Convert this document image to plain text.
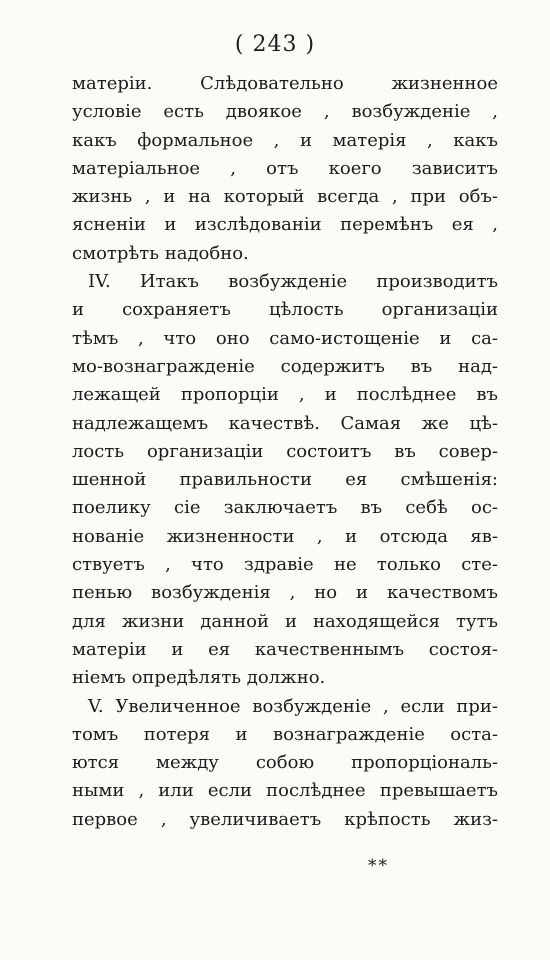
( 243 )
матерiи. Слѣдовательно жизненное
условiе есть двоякое , возбужденiе ,
какъ формальное , и матерiя , какъ
матерiальное , отъ коего зависитъ
жизнь , и на который всегда , при объ-
ясненiи и изслѣдованiи перемѣнъ ея ,
смотрѣть надобно.
IV. Итакъ возбужденiе производитъ
и сохраняетъ цѣлость организацiи
тѣмъ , что оно само-истощенiе и са-
мо-вознагражденiе содержитъ въ над-
лежащей пропорцiи , и послѣднее въ
надлежащемъ качествѣ. Самая же цѣ-
лость организацiи состоитъ въ совер-
шенной правильности ея смѣшенiя:
поелику сiе заключаетъ въ себѣ ос-
нованiе жизненности , и отсюда яв-
ствуетъ , что здравiе не только сте-
пенью возбужденiя , но и качествомъ
для жизни данной и находящейся тутъ
матерiи и ея качественнымъ состоя-
нiемъ опредѣлять должно.
V. Увеличенное возбужденiе , если при-
томъ потеря и вознагражденiе оста-
ются между собою пропорцiональ-
ными , или если послѣднее превышаетъ
первое , увеличиваетъ крѣпость жиз-
**
